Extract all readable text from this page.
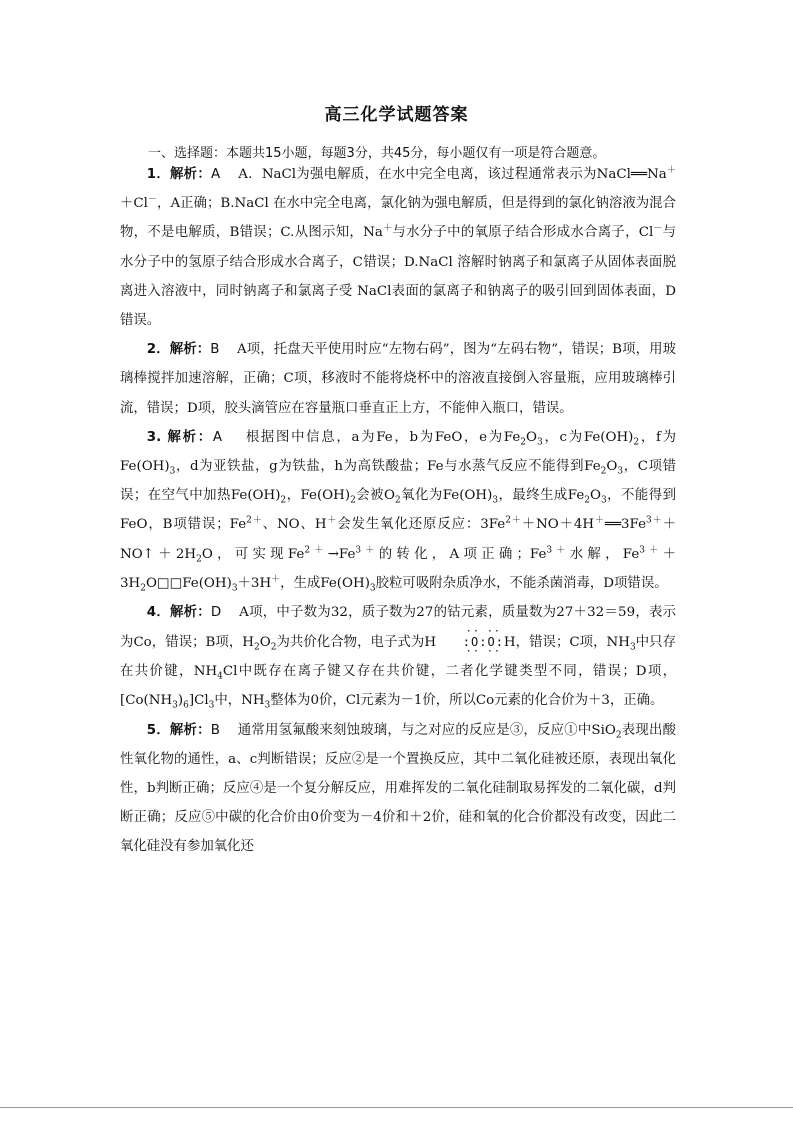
高三化学试题答案
一、选择题：本题共15小题，每题3分，共45分，每小题仅有一项是符合题意。

1．解析：A A．NaCl为强电解质，在水中完全电离，该过程通常表示为NaCl══Na＋＋Cl－，A正确；B.NaCl 在水中完全电离，氯化钠为强电解质，但是得到的氯化钠溶液为混合物，不是电解质，B错误；C.从图示知，Na＋与水分子中的氧原子结合形成水合离子，Cl－与水分子中的氢原子结合形成水合离子，C错误；D.NaCl 溶解时钠离子和氯离子从固体表面脱离进入溶液中，同时钠离子和氯离子受 NaCl表面的氯离子和钠离子的吸引回到固体表面，D错误。

2．解析：B A项，托盘天平使用时应“左物右码”，图为“左码右物”，错误；B项，用玻璃棒搅拌加速溶解，正确；C项，移液时不能将烧杯中的溶液直接倒入容量瓶，应用玻璃棒引流，错误；D项，胶头滴管应在容量瓶口垂直正上方，不能伸入瓶口，错误。

3. 解析：A 根据图中信息，a为Fe，b为FeO，e为$Fe_2O_3$，c为$Fe(OH)_2$，f为$Fe(OH)_3$，d为亚铁盐，g为铁盐，h为高铁酸盐；Fe与水蒸气反应不能得到$Fe_2O_3$，C项错误；在空气中加热$Fe(OH)_2$，$Fe(OH)_2$会被$O_2$氧化为$Fe(OH)_3$，最终生成$Fe_2O_3$，不能得到FeO，B项错误；$Fe^{2+}$、NO、H＋会发生氧化还原反应：$3Fe^{2+}+NO+4H^+══3Fe^{3+}+NO↑+2H_2O$，可实现$Fe^{2+}\to Fe^{3+}$的转化，A项正确；$Fe^{3+}$水解，$Fe^{3+}+3H_2O□□Fe(OH)_3+3H^+$，生成$Fe(OH)_3$胶粒可吸附杂质净水，不能杀菌消毒，D项错误。

4．解析：D A项，中子数为32，质子数为27的钴元素，质量数为27＋32＝59，表示为Co，错误；B项，$H_2O_2$为共价化合物，电子式为H
·· ··
:O:O:
·· ··
H，错误；C项，$NH_3$中只存在共价键，$NH_4Cl$中既存在离子键又存在共价键，二者化学键类型不同，错误；D项，$[Co(NH_3)_6]Cl_3$中，$NH_3$整体为0价，Cl元素为－1价，所以Co元素的化合价为＋3，正确。

5．解析：B 通常用氢氟酸来刻蚀玻璃，与之对应的反应是③，反应①中SiO$_2$表现出酸性氧化物的通性，a、c判断错误；反应②是一个置换反应，其中二氧化硅被还原，表现出氧化性，b判断正确；反应④是一个复分解反应，用难挥发的二氧化硅制取易挥发的二氧化碳，d判断正确；反应⑤中碳的化合价由0价变为－4价和＋2价，硅和氧的化合价都没有改变，因此二氧化硅没有参加氧化还
